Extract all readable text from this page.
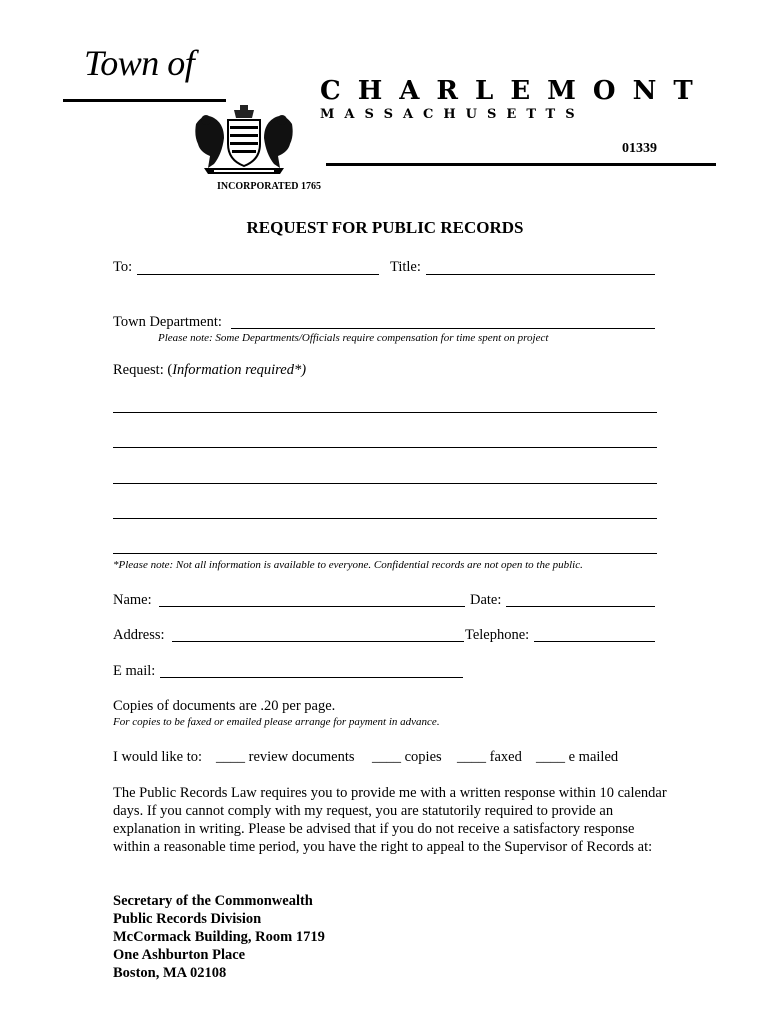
Town of
CHARLEMONT
MASSACHUSETTS
01339
INCORPORATED 1765
REQUEST FOR PUBLIC RECORDS
To:	Title:
Town Department:
Please note: Some Departments/Officials require compensation for time spent on project
Request: (Information required*)
*Please note: Not all information is available to everyone. Confidential records are not open to the public.
Name:	Date:
Address:	Telephone:
E mail:
Copies of documents are .20 per page.
For copies to be faxed or emailed please arrange for payment in advance.
I would like to: ____ review documents ____ copies ____ faxed ____ e mailed
The Public Records Law requires you to provide me with a written response within 10 calendar days. If you cannot comply with my request, you are statutorily required to provide an explanation in writing. Please be advised that if you do not receive a satisfactory response within a reasonable time period, you have the right to appeal to the Supervisor of Records at:
Secretary of the Commonwealth
Public Records Division
McCormack Building, Room 1719
One Ashburton Place
Boston, MA 02108
